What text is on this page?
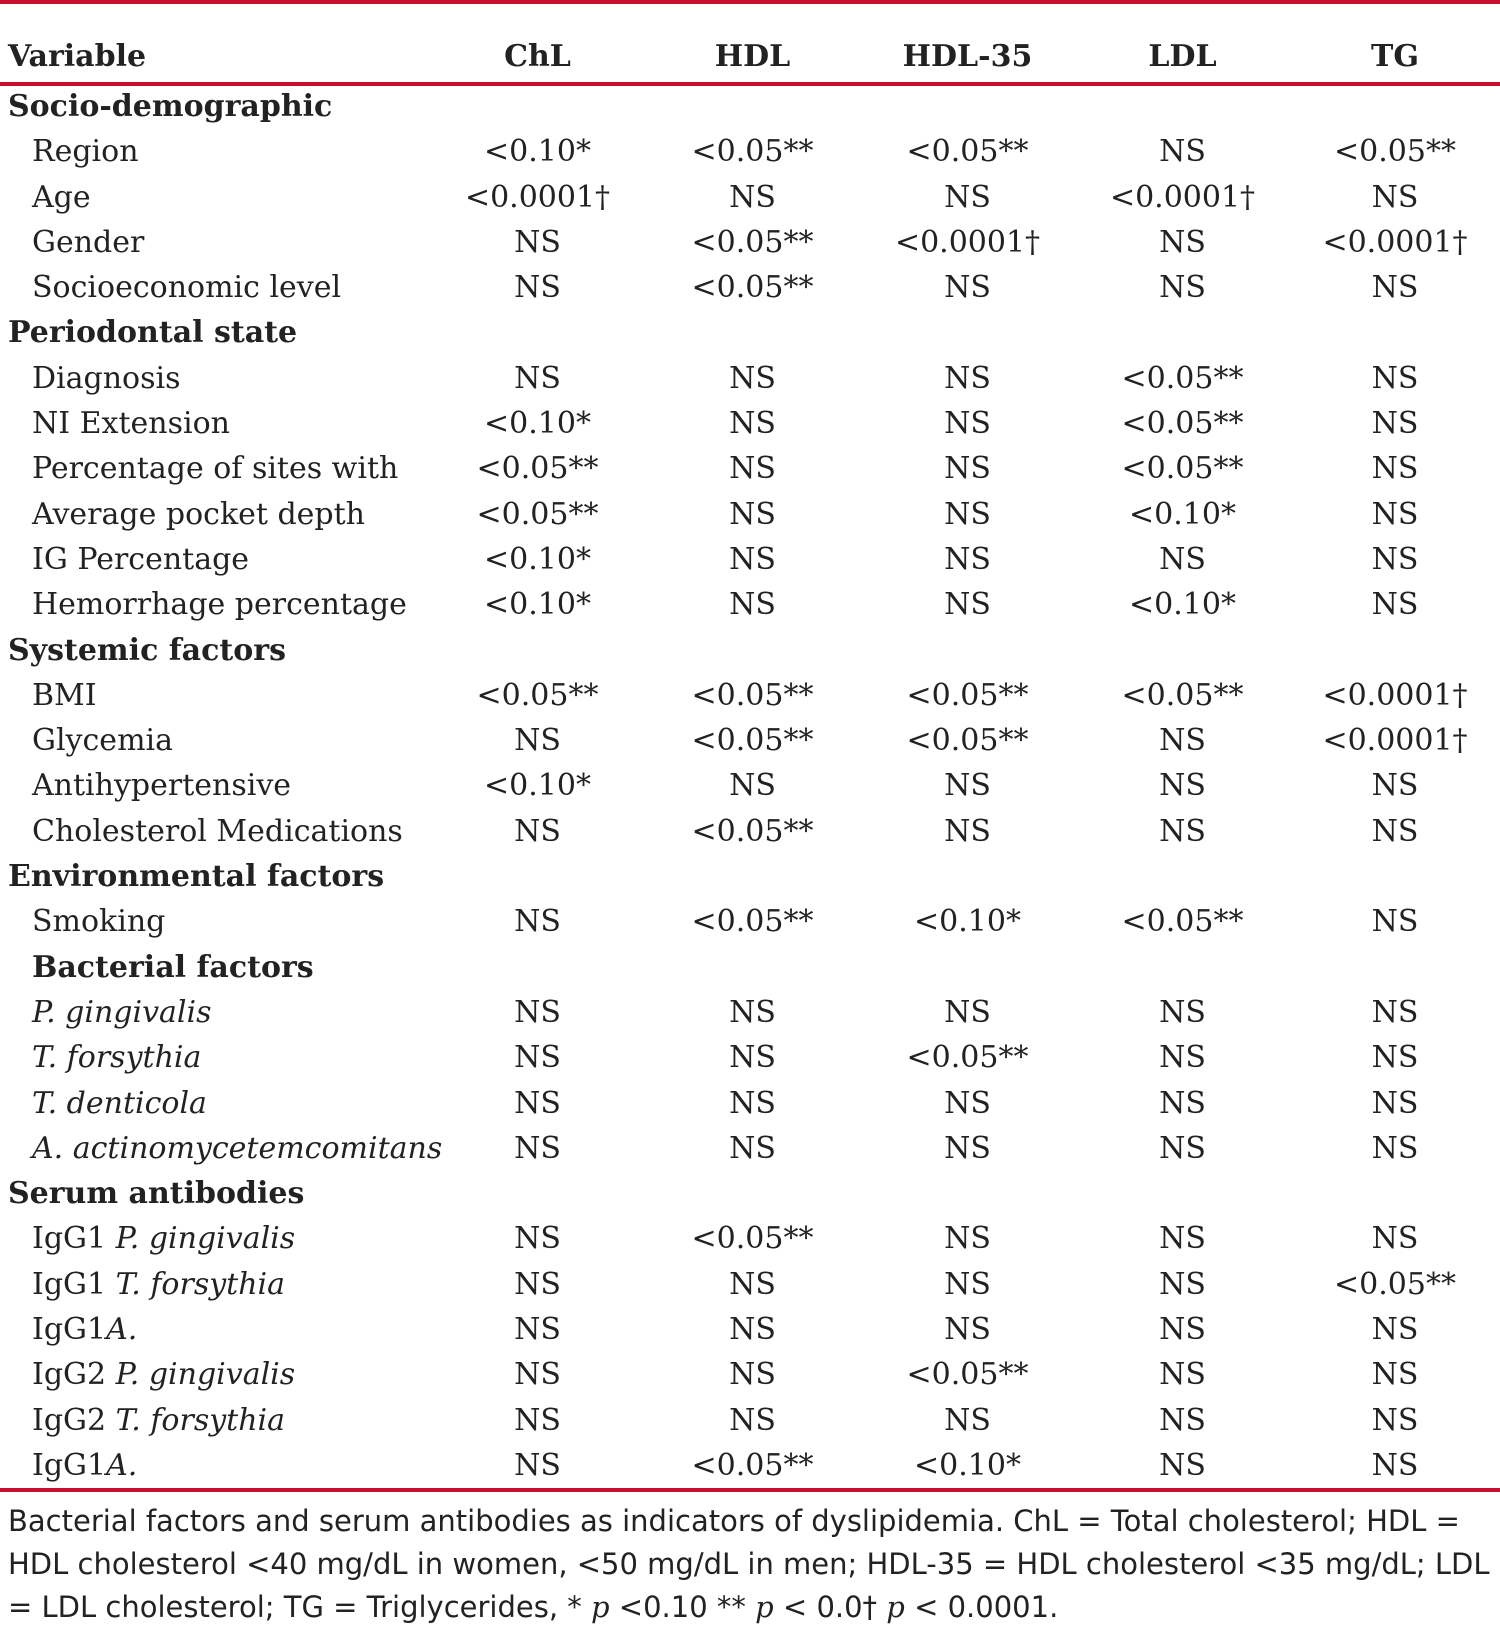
Variable	ChL	HDL	HDL-35	LDL	TG
Socio-demographic					
Region	<0.10*	<0.05**	<0.05**	NS	<0.05**
Age	<0.0001†	NS	NS	<0.0001†	NS
Gender	NS	<0.05**	<0.0001†	NS	<0.0001†
Socioeconomic level	NS	<0.05**	NS	NS	NS
Periodontal state					
Diagnosis	NS	NS	NS	<0.05**	NS
NI Extension	<0.10*	NS	NS	<0.05**	NS
Percentage of sites with	<0.05**	NS	NS	<0.05**	NS
Average pocket depth	<0.05**	NS	NS	<0.10*	NS
IG Percentage	<0.10*	NS	NS	NS	NS
Hemorrhage percentage	<0.10*	NS	NS	<0.10*	NS
Systemic factors					
BMI	<0.05**	<0.05**	<0.05**	<0.05**	<0.0001†
Glycemia	NS	<0.05**	<0.05**	NS	<0.0001†
Antihypertensive	<0.10*	NS	NS	NS	NS
Cholesterol Medications	NS	<0.05**	NS	NS	NS
Environmental factors					
Smoking	NS	<0.05**	<0.10*	<0.05**	NS
Bacterial factors					
P. gingivalis	NS	NS	NS	NS	NS
T. forsythia	NS	NS	<0.05**	NS	NS
T. denticola	NS	NS	NS	NS	NS
A. actinomycetemcomitans	NS	NS	NS	NS	NS
Serum antibodies					
IgG1 P. gingivalis	NS	<0.05**	NS	NS	NS
IgG1 T. forsythia	NS	NS	NS	NS	<0.05**
IgG1A.	NS	NS	NS	NS	NS
IgG2 P. gingivalis	NS	NS	<0.05**	NS	NS
IgG2 T. forsythia	NS	NS	NS	NS	NS
IgG1A.	NS	<0.05**	<0.10*	NS	NS
Bacterial factors and serum antibodies as indicators of dyslipidemia. ChL = Total cholesterol; HDL = HDL cholesterol <40 mg/dL in women, <50 mg/dL in men; HDL-35 = HDL cholesterol <35 mg/dL; LDL = LDL cholesterol; TG = Triglycerides, * p <0.10 ** p < 0.0† p < 0.0001.
